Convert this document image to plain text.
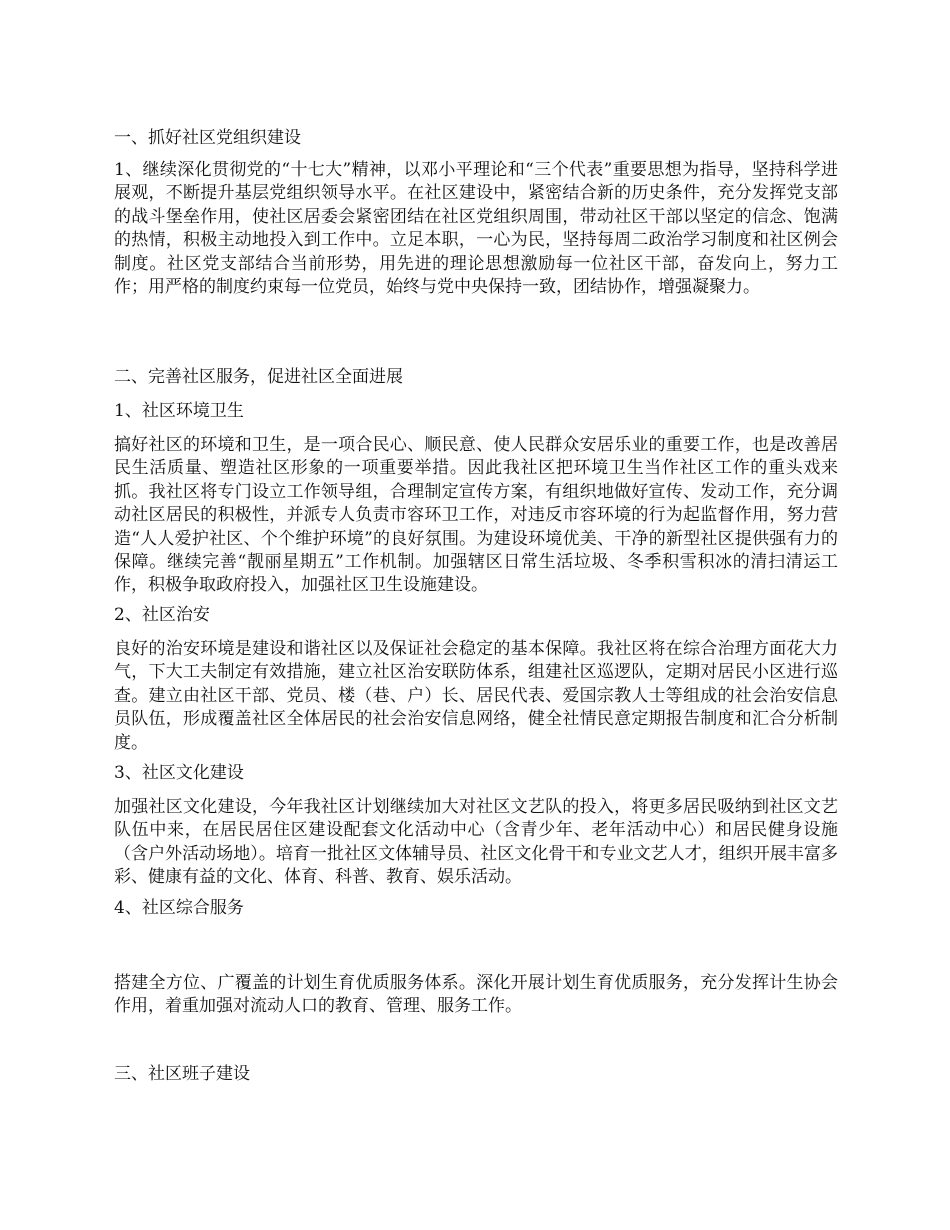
一、抓好社区党组织建设

1、继续深化贯彻党的“十七大”精神，以邓小平理论和“三个代表”重要思想为指导，坚持科学进展观，不断提升基层党组织领导水平。在社区建设中，紧密结合新的历史条件，充分发挥党支部的战斗堡垒作用，使社区居委会紧密团结在社区党组织周围，带动社区干部以坚定的信念、饱满的热情，积极主动地投入到工作中。立足本职，一心为民，坚持每周二政治学习制度和社区例会制度。社区党支部结合当前形势，用先进的理论思想激励每一位社区干部，奋发向上，努力工作；用严格的制度约束每一位党员，始终与党中央保持一致，团结协作，增强凝聚力。

二、完善社区服务，促进社区全面进展

1、社区环境卫生

搞好社区的环境和卫生，是一项合民心、顺民意、使人民群众安居乐业的重要工作，也是改善居民生活质量、塑造社区形象的一项重要举措。因此我社区把环境卫生当作社区工作的重头戏来抓。我社区将专门设立工作领导组，合理制定宣传方案，有组织地做好宣传、发动工作，充分调动社区居民的积极性，并派专人负责市容环卫工作，对违反市容环境的行为起监督作用，努力营造“人人爱护社区、个个维护环境”的良好氛围。为建设环境优美、干净的新型社区提供强有力的保障。继续完善“靓丽星期五”工作机制。加强辖区日常生活垃圾、冬季积雪积冰的清扫清运工作，积极争取政府投入，加强社区卫生设施建设。

2、社区治安

良好的治安环境是建设和谐社区以及保证社会稳定的基本保障。我社区将在综合治理方面花大力气，下大工夫制定有效措施，建立社区治安联防体系，组建社区巡逻队，定期对居民小区进行巡查。建立由社区干部、党员、楼（巷、户）长、居民代表、爱国宗教人士等组成的社会治安信息员队伍，形成覆盖社区全体居民的社会治安信息网络，健全社情民意定期报告制度和汇合分析制度。

3、社区文化建设

加强社区文化建设，今年我社区计划继续加大对社区文艺队的投入，将更多居民吸纳到社区文艺队伍中来，在居民居住区建设配套文化活动中心（含青少年、老年活动中心）和居民健身设施（含户外活动场地）。培育一批社区文体辅导员、社区文化骨干和专业文艺人才，组织开展丰富多彩、健康有益的文化、体育、科普、教育、娱乐活动。

4、社区综合服务

搭建全方位、广覆盖的计划生育优质服务体系。深化开展计划生育优质服务，充分发挥计生协会作用，着重加强对流动人口的教育、管理、服务工作。

三、社区班子建设
